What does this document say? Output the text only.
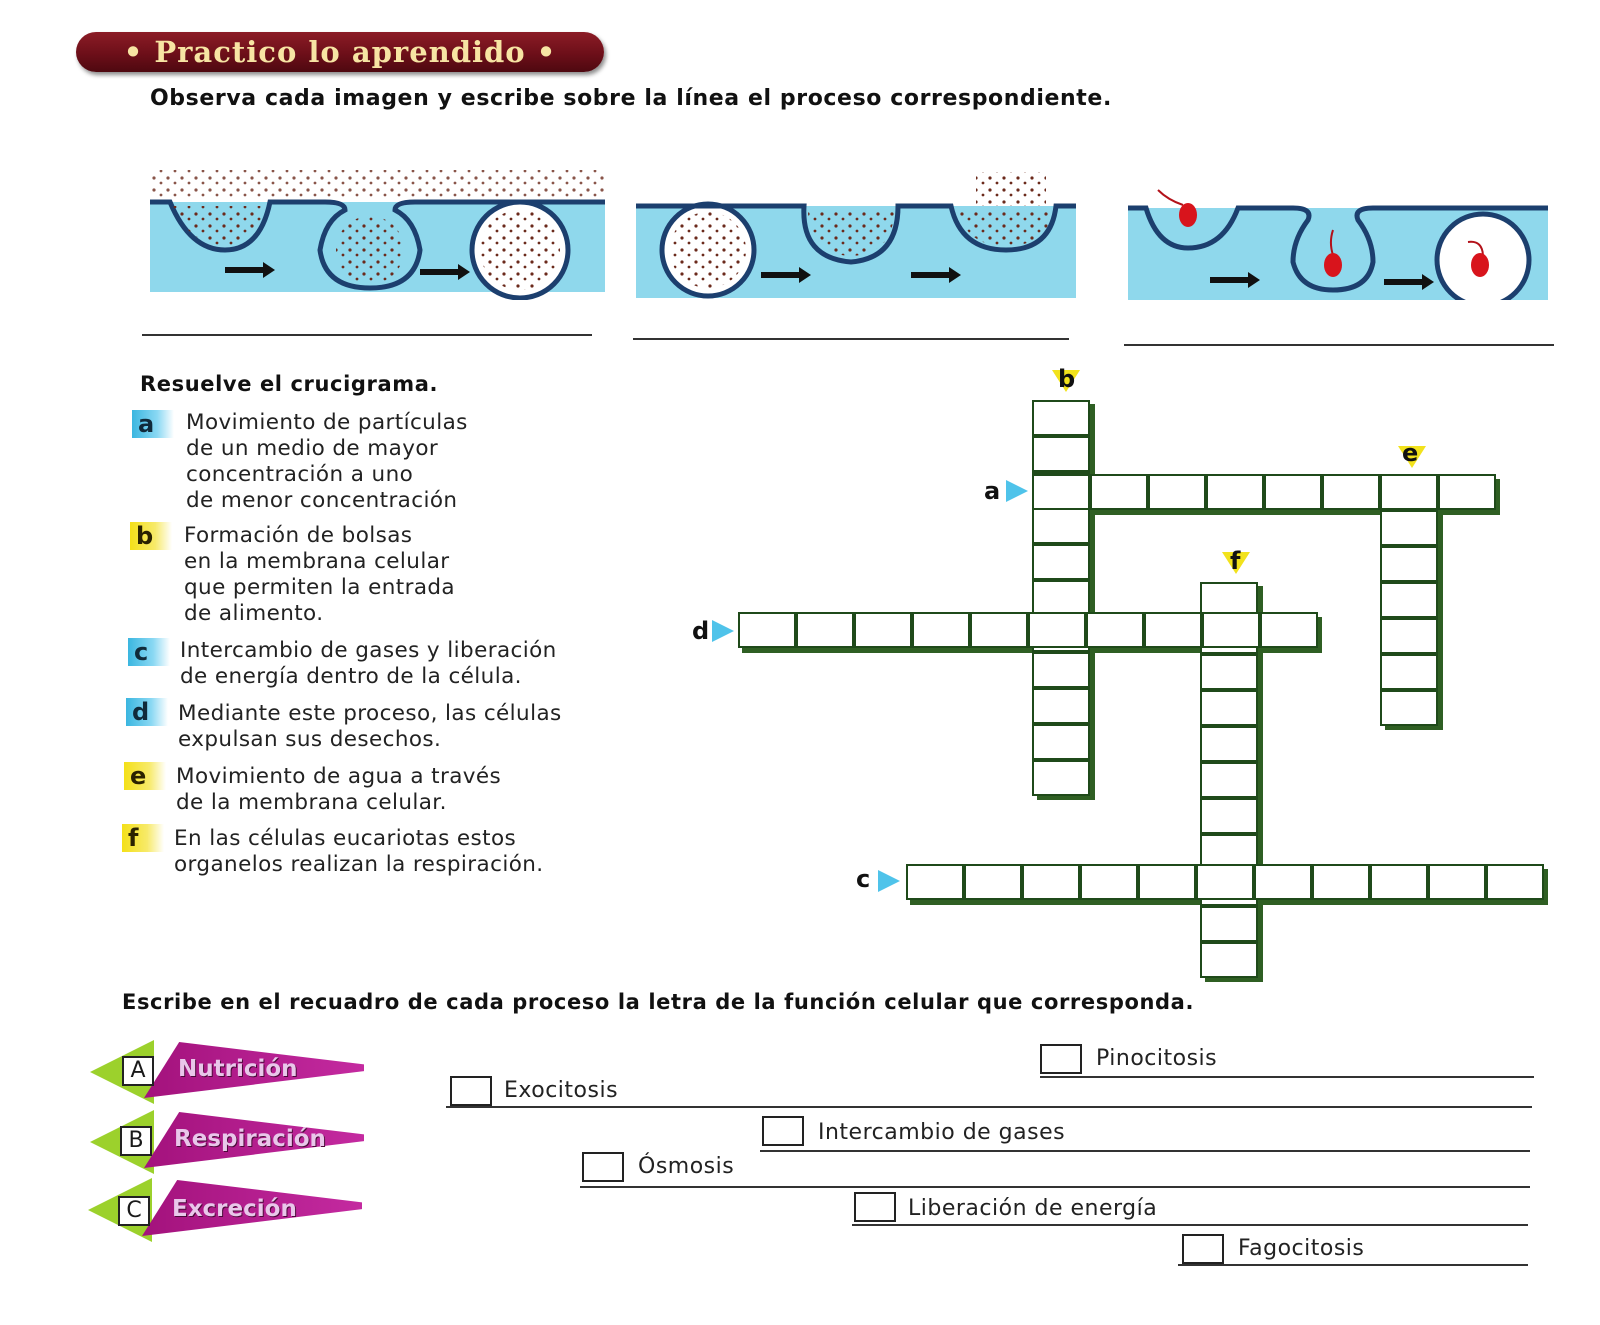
• Practico lo aprendido •
Observa cada imagen y escribe sobre la línea el proceso correspondiente.
Resuelve el crucigrama.
a	Movimiento de partículas
de un medio de mayor
concentración a uno
de menor concentración
b	Formación de bolsas
en la membrana celular
que permiten la entrada
de alimento.
c	Intercambio de gases y liberación
de energía dentro de la célula.
d	Mediante este proceso, las células
expulsan sus desechos.
e	Movimiento de agua a través
de la membrana celular.
f	En las células eucariotas estos
organelos realizan la respiración.
b
a
e
f
d
c
Escribe en el recuadro de cada proceso la letra de la función celular que corresponda.
A	Nutrición
B	Respiración
C	Excreción
Pinocitosis
Exocitosis
Intercambio de gases
Ósmosis
Liberación de energía
Fagocitosis
